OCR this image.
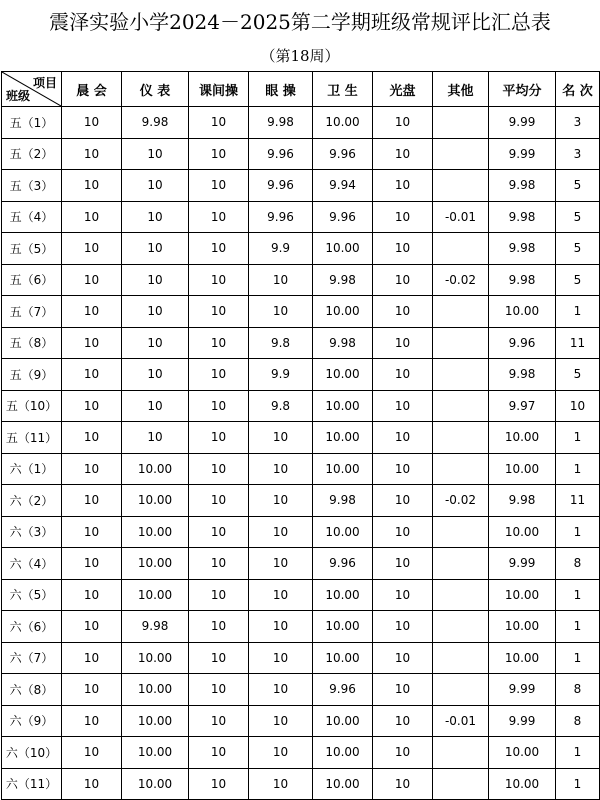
震泽实验小学2024－2025第二学期班级常规评比汇总表
（第18周）
项目
班级	晨 会	仪 表	课间操	眼 操	卫 生	光盘	其他	平均分	名 次
五（1）	10	9.98	10	9.98	10.00	10		9.99	3
五（2）	10	10	10	9.96	9.96	10		9.99	3
五（3）	10	10	10	9.96	9.94	10		9.98	5
五（4）	10	10	10	9.96	9.96	10	-0.01	9.98	5
五（5）	10	10	10	9.9	10.00	10		9.98	5
五（6）	10	10	10	10	9.98	10	-0.02	9.98	5
五（7）	10	10	10	10	10.00	10		10.00	1
五（8）	10	10	10	9.8	9.98	10		9.96	11
五（9）	10	10	10	9.9	10.00	10		9.98	5
五（10）	10	10	10	9.8	10.00	10		9.97	10
五（11）	10	10	10	10	10.00	10		10.00	1
六（1）	10	10.00	10	10	10.00	10		10.00	1
六（2）	10	10.00	10	10	9.98	10	-0.02	9.98	11
六（3）	10	10.00	10	10	10.00	10		10.00	1
六（4）	10	10.00	10	10	9.96	10		9.99	8
六（5）	10	10.00	10	10	10.00	10		10.00	1
六（6）	10	9.98	10	10	10.00	10		10.00	1
六（7）	10	10.00	10	10	10.00	10		10.00	1
六（8）	10	10.00	10	10	9.96	10		9.99	8
六（9）	10	10.00	10	10	10.00	10	-0.01	9.99	8
六（10）	10	10.00	10	10	10.00	10		10.00	1
六（11）	10	10.00	10	10	10.00	10		10.00	1
